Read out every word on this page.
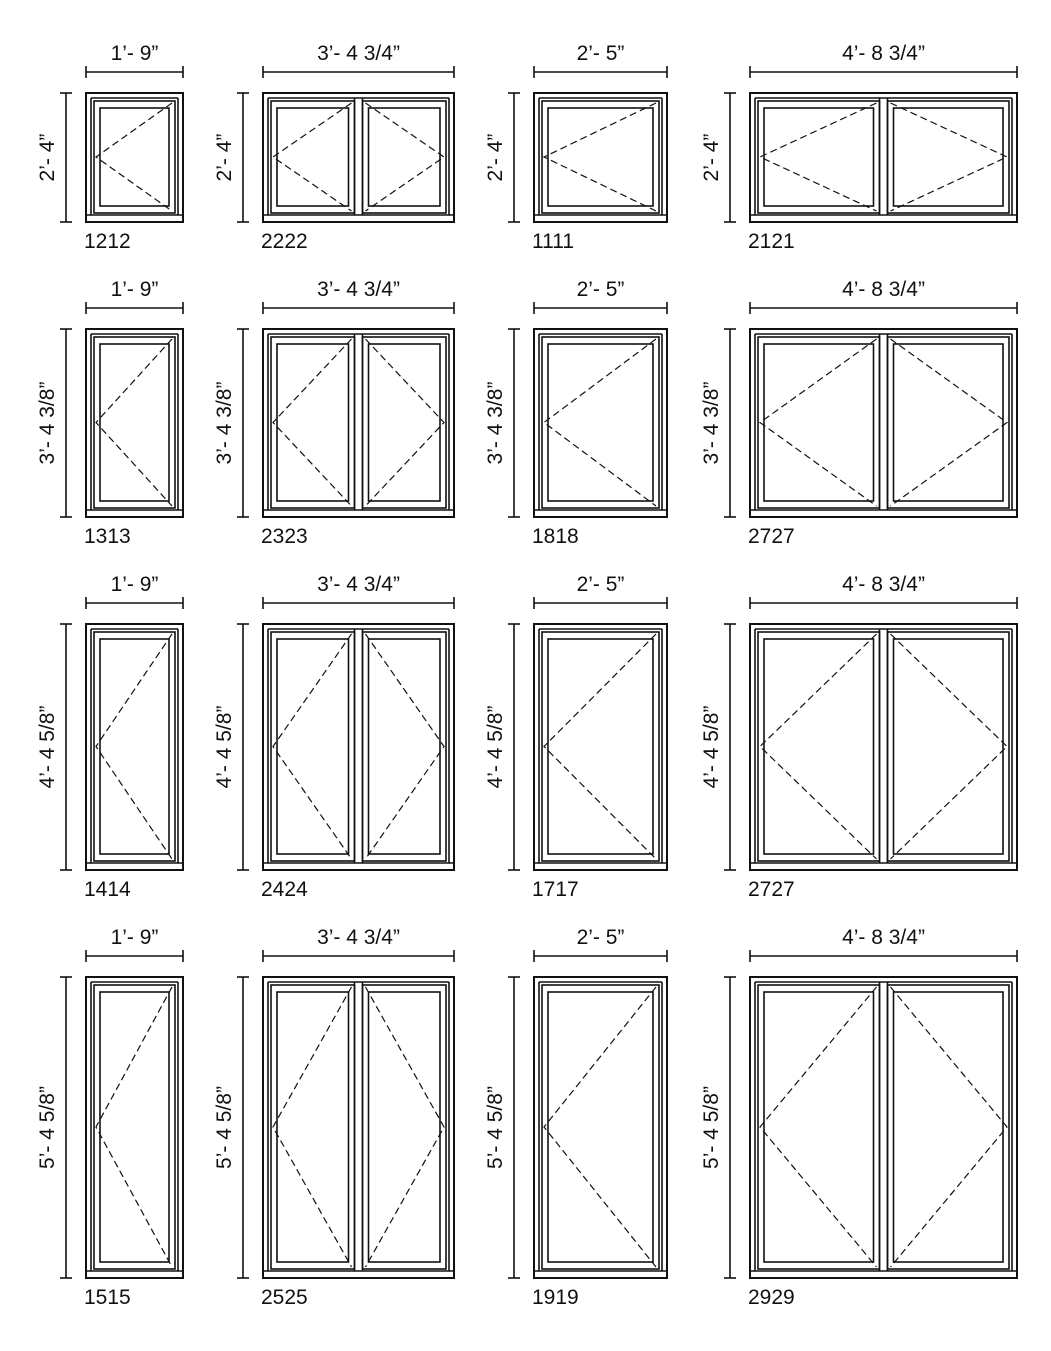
1’- 9”
2’- 4”
1212
3’- 4 3/4”
2’- 4”
2222
2’- 5”
2’- 4”
1111
4’- 8 3/4”
2’- 4”
2121
1’- 9”
3’- 4 3/8”
1313
3’- 4 3/4”
3’- 4 3/8”
2323
2’- 5”
3’- 4 3/8”
1818
4’- 8 3/4”
3’- 4 3/8”
2727
1’- 9”
4’- 4 5/8”
1414
3’- 4 3/4”
4’- 4 5/8”
2424
2’- 5”
4’- 4 5/8”
1717
4’- 8 3/4”
4’- 4 5/8”
2727
1’- 9”
5’- 4 5/8”
1515
3’- 4 3/4”
5’- 4 5/8”
2525
2’- 5”
5’- 4 5/8”
1919
4’- 8 3/4”
5’- 4 5/8”
2929
